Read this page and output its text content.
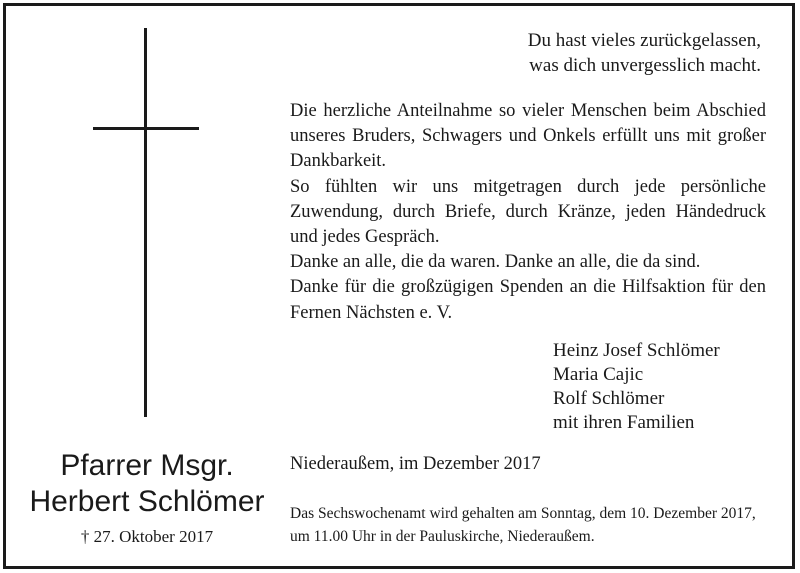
Du hast vieles zurückgelassen,
was dich unvergesslich macht.

Die herzliche Anteilnahme so vieler Menschen beim Abschied unseres Bruders, Schwagers und Onkels erfüllt uns mit großer Dankbarkeit.

So fühlten wir uns mitgetragen durch jede persönliche Zuwendung, durch Briefe, durch Kränze, jeden Händedruck und jedes Gespräch.

Danke an alle, die da waren. Danke an alle, die da sind.

Danke für die großzügigen Spenden an die Hilfsaktion für den Fernen Nächsten e. V.

Heinz Josef Schlömer
Maria Cajic
Rolf Schlömer
mit ihren Familien
Pfarrer Msgr.
Herbert Schlömer
† 27. Oktober 2017
Niederaußem, im Dezember 2017
Das Sechswochenamt wird gehalten am Sonntag, dem 10. Dezember 2017, um 11.00 Uhr in der Pauluskirche, Niederaußem.
